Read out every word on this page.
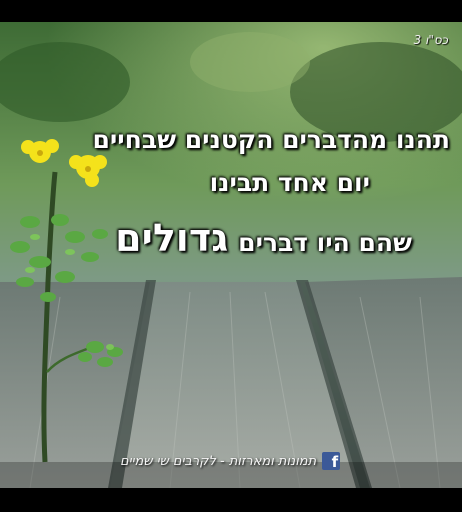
כס"ו 3
תהנו מהדברים הקטנים שבחיים
יום אחד תבינו
שהם היו דברים
גדולים
תמונות ומארזות - לקרבים שי שמיים	f
